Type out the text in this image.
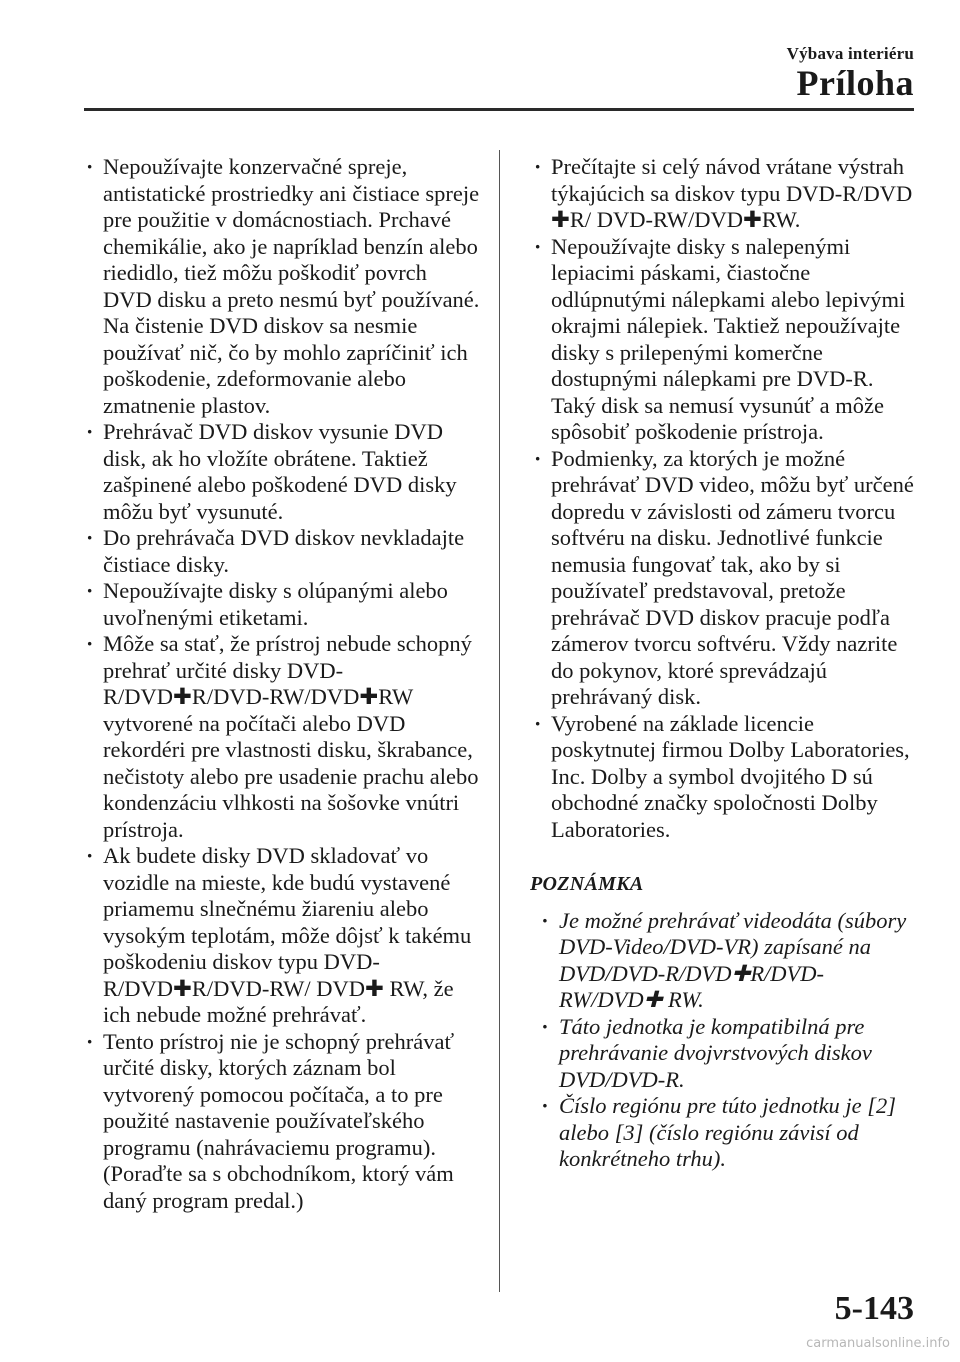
Výbava interiéru
Príloha
· Nepoužívajte konzervačné spreje, antistatické prostriedky ani čistiace spreje pre použitie v domácnostiach. Prchavé chemikálie, ako je napríklad benzín alebo riedidlo, tiež môžu poškodiť povrch DVD disku a preto nesmú byť používané. Na čistenie DVD diskov sa nesmie používať nič, čo by mohlo zapríčiniť ich poškodenie, zdeformovanie alebo zmatnenie plastov.
· Prehrávač DVD diskov vysunie DVD disk, ak ho vložíte obrátene. Taktiež zašpinené alebo poškodené DVD disky môžu byť vysunuté.
· Do prehrávača DVD diskov nevkladajte čistiace disky.
· Nepoužívajte disky s olúpanými alebo uvoľnenými etiketami.
· Môže sa stať, že prístroj nebude schopný prehrať určité disky DVD-R/DVD✚R/DVD-RW/DVD✚RW vytvorené na počítači alebo DVD rekordéri pre vlastnosti disku, škrabance, nečistoty alebo pre usadenie prachu alebo kondenzáciu vlhkosti na šošovke vnútri prístroja.
· Ak budete disky DVD skladovať vo vozidle na mieste, kde budú vystavené priamemu slnečnému žiareniu alebo vysokým teplotám, môže dôjsť k takému poškodeniu diskov typu DVD-R/DVD✚R/DVD-RW/ DVD✚ RW, že ich nebude možné prehrávať.
· Tento prístroj nie je schopný prehrávať určité disky, ktorých záznam bol vytvorený pomocou počítača, a to pre použité nastavenie používateľského programu (nahrávaciemu programu). (Poraďte sa s obchodníkom, ktorý vám daný program predal.)
· Prečítajte si celý návod vrátane výstrah týkajúcich sa diskov typu DVD-R/DVD ✚R/ DVD-RW/DVD✚RW.
· Nepoužívajte disky s nalepenými lepiacimi páskami, čiastočne odlúpnutými nálepkami alebo lepivými okrajmi nálepiek. Taktiež nepoužívajte disky s prilepenými komerčne dostupnými nálepkami pre DVD-R. Taký disk sa nemusí vysunúť a môže spôsobiť poškodenie prístroja.
· Podmienky, za ktorých je možné prehrávať DVD video, môžu byť určené dopredu v závislosti od zámeru tvorcu softvéru na disku. Jednotlivé funkcie nemusia fungovať tak, ako by si používateľ predstavoval, pretože prehrávač DVD diskov pracuje podľa zámerov tvorcu softvéru. Vždy nazrite do pokynov, ktoré sprevádzajú prehrávaný disk.
· Vyrobené na základe licencie poskytnutej firmou Dolby Laboratories, Inc. Dolby a symbol dvojitého D sú obchodné značky spoločnosti Dolby Laboratories.
POZNÁMKA
· Je možné prehrávať videodáta (súbory DVD-Video/DVD-VR) zapísané na DVD/DVD-R/DVD✚R/DVD-RW/DVD✚ RW.
· Táto jednotka je kompatibilná pre prehrávanie dvojvrstvových diskov DVD/DVD-R.
· Číslo regiónu pre túto jednotku je [2] alebo [3] (číslo regiónu závisí od konkrétneho trhu).
5-143
carmanualsonline.info
